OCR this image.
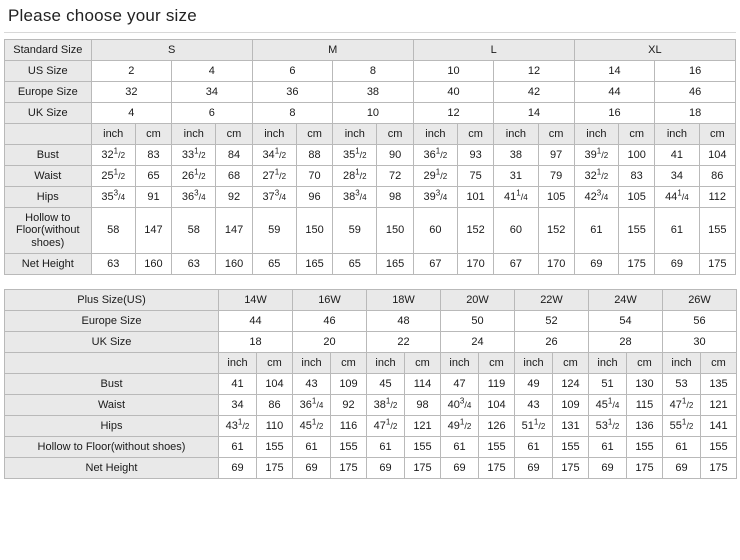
Please choose your size
Standard Size	S				M				L				XL			
US Size	2		4		6		8		10		12		14		16	
Europe Size	32		34		36		38		40		42		44		46	
UK Size	4		6		8		10		12		14		16		18	
	inch	cm	inch	cm	inch	cm	inch	cm	inch	cm	inch	cm	inch	cm	inch	cm
Bust	$32^1/2$	83	$33^1/2$	84	$34^1/2$	88	$35^1/2$	90	$36^1/2$	93	38	97	$39^1/2$	100	41	104
Waist	$25^1/2$	65	$26^1/2$	68	$27^1/2$	70	$28^1/2$	72	$29^1/2$	75	31	79	$32^1/2$	83	34	86
Hips	$35^3/4$	91	$36^3/4$	92	$37^3/4$	96	$38^3/4$	98	$39^3/4$	101	$41^1/4$	105	$42^3/4$	105	$44^1/4$	112
Hollow to Floor(without shoes)	58	147	58	147	59	150	59	150	60	152	60	152	61	155	61	155
Net Height	63	160	63	160	65	165	65	165	67	170	67	170	69	175	69	175
Plus Size(US)	14W		16W		18W		20W		22W		24W		26W	
Europe Size	44		46		48		50		52		54		56	
UK Size	18		20		22		24		26		28		30	
	inch	cm	inch	cm	inch	cm	inch	cm	inch	cm	inch	cm	inch	cm
Bust	41	104	43	109	45	114	47	119	49	124	51	130	53	135
Waist	34	86	$36^1/4$	92	$38^1/2$	98	$40^3/4$	104	43	109	$45^1/4$	115	$47^1/2$	121
Hips	$43^1/2$	110	$45^1/2$	116	$47^1/2$	121	$49^1/2$	126	$51^1/2$	131	$53^1/2$	136	$55^1/2$	141
Hollow to Floor(without shoes)	61	155	61	155	61	155	61	155	61	155	61	155	61	155
Net Height	69	175	69	175	69	175	69	175	69	175	69	175	69	175
